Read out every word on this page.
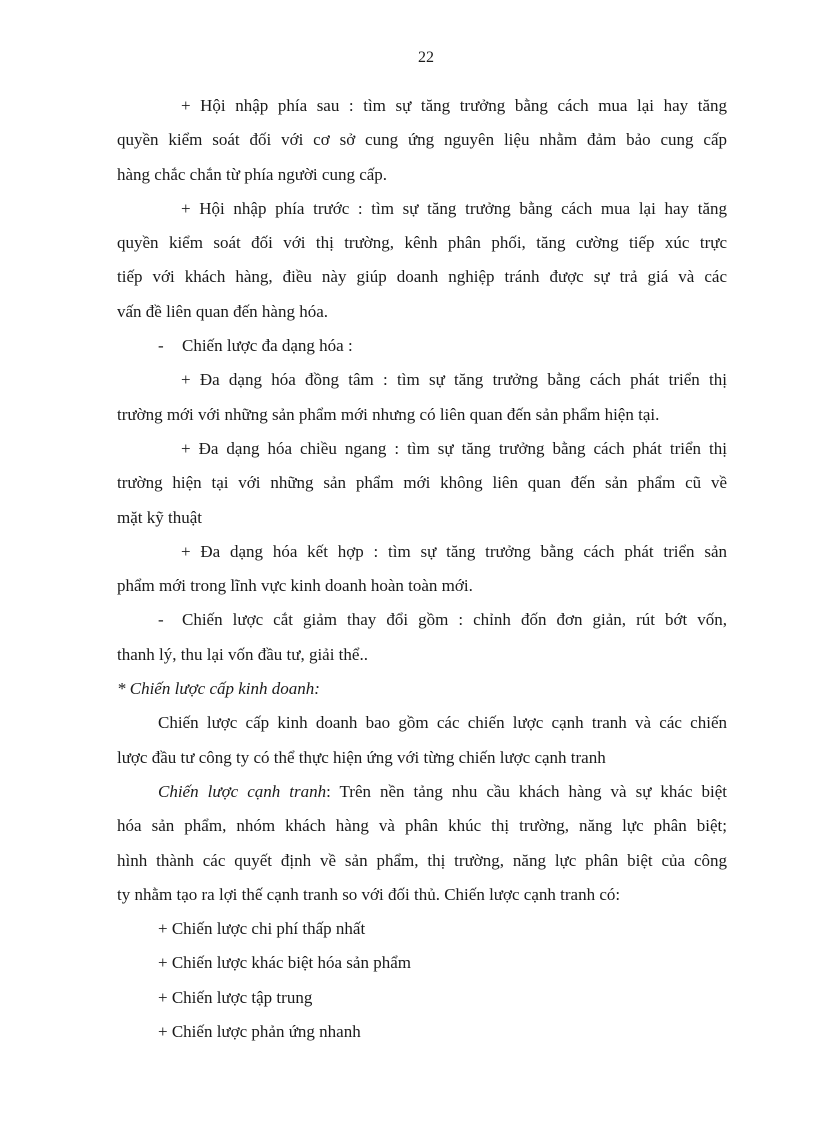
22
+ Hội nhập phía sau : tìm sự tăng trưởng bằng cách mua lại hay tăng
quyền kiểm soát đối với cơ sở cung ứng nguyên liệu nhằm đảm bảo cung cấp
hàng chắc chắn từ phía người cung cấp.
+ Hội nhập phía trước : tìm sự tăng trưởng bằng cách mua lại hay tăng
quyền kiểm soát đối với thị trường, kênh phân phối, tăng cường tiếp xúc trực
tiếp với khách hàng, điều này giúp doanh nghiệp tránh được sự trả giá và các
vấn đề liên quan đến hàng hóa.
- Chiến lược đa dạng hóa :
+ Đa dạng hóa đồng tâm : tìm sự tăng trưởng bằng cách phát triển thị
trường mới với những sản phẩm mới nhưng có liên quan đến sản phẩm hiện tại.
+ Đa dạng hóa chiều ngang : tìm sự tăng trưởng bằng cách phát triển thị
trường hiện tại với những sản phẩm mới không liên quan đến sản phẩm cũ về
mặt kỹ thuật
+ Đa dạng hóa kết hợp : tìm sự tăng trưởng bằng cách phát triển sản
phẩm mới trong lĩnh vực kinh doanh hoàn toàn mới.
- Chiến lược cắt giảm thay đổi gồm : chỉnh đốn đơn giản, rút bớt vốn,
thanh lý, thu lại vốn đầu tư, giải thể..
* Chiến lược cấp kinh doanh:
Chiến lược cấp kinh doanh bao gồm các chiến lược cạnh tranh và các chiến
lược đầu tư công ty có thể thực hiện ứng với từng chiến lược cạnh tranh
Chiến lược cạnh tranh: Trên nền tảng nhu cầu khách hàng và sự khác biệt
hóa sản phẩm, nhóm khách hàng và phân khúc thị trường, năng lực phân biệt;
hình thành các quyết định về sản phẩm, thị trường, năng lực phân biệt của công
ty nhằm tạo ra lợi thế cạnh tranh so với đối thủ. Chiến lược cạnh tranh có:
+ Chiến lược chi phí thấp nhất
+ Chiến lược khác biệt hóa sản phẩm
+ Chiến lược tập trung
+ Chiến lược phản ứng nhanh
